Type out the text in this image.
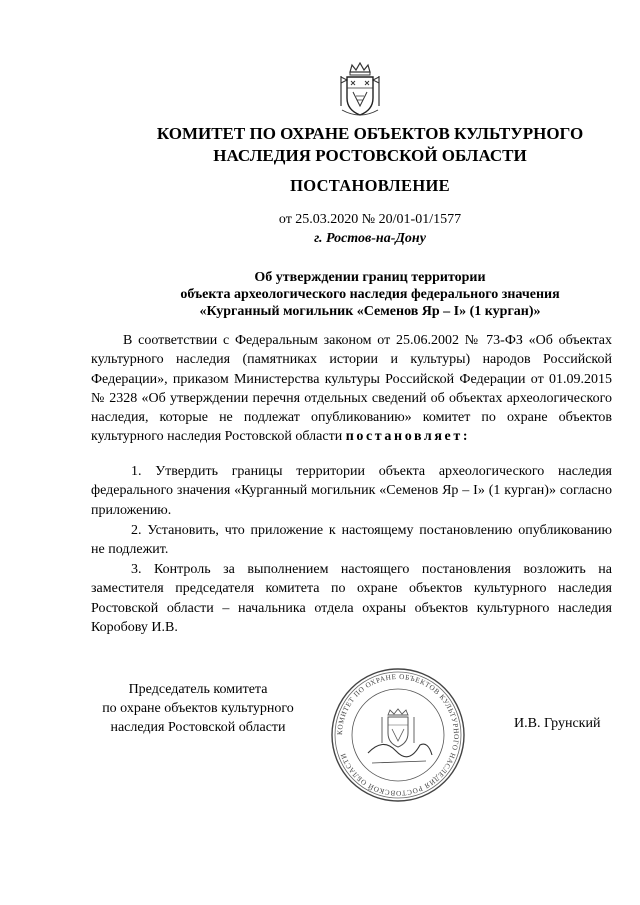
КОМИТЕТ ПО ОХРАНЕ ОБЪЕКТОВ КУЛЬТУРНОГО
НАСЛЕДИЯ РОСТОВСКОЙ ОБЛАСТИ
ПОСТАНОВЛЕНИЕ
от 25.03.2020 № 20/01-01/1577
г. Ростов-на-Дону
Об утверждении границ территории
объекта археологического наследия федерального значения
«Курганный могильник «Семенов Яр – I» (1 курган)»

В соответствии с Федеральным законом от 25.06.2002 № 73-ФЗ «Об объектах культурного наследия (памятниках истории и культуры) народов Российской Федерации», приказом Министерства культуры Российской Федерации от 01.09.2015 № 2328 «Об утверждении перечня отдельных сведений об объектах археологического наследия, которые не подлежат опубликованию» комитет по охране объектов культурного наследия Ростовской области постановляет:

1. Утвердить границы территории объекта археологического наследия федерального значения «Курганный могильник «Семенов Яр – I» (1 курган)» согласно приложению.

2. Установить, что приложение к настоящему постановлению опубликованию не подлежит.

3. Контроль за выполнением настоящего постановления возложить на заместителя председателя комитета по охране объектов культурного наследия Ростовской области – начальника отдела охраны объектов культурного наследия Коробову И.В.

Председатель комитета
по охране объектов культурного
наследия Ростовской области	КОМИТЕТ ПО ОХРАНЕ ОБЪЕКТОВ КУЛЬТУРНОГО НАСЛЕДИЯ РОСТОВСКОЙ ОБЛАСТИ
И.В. Грунский
